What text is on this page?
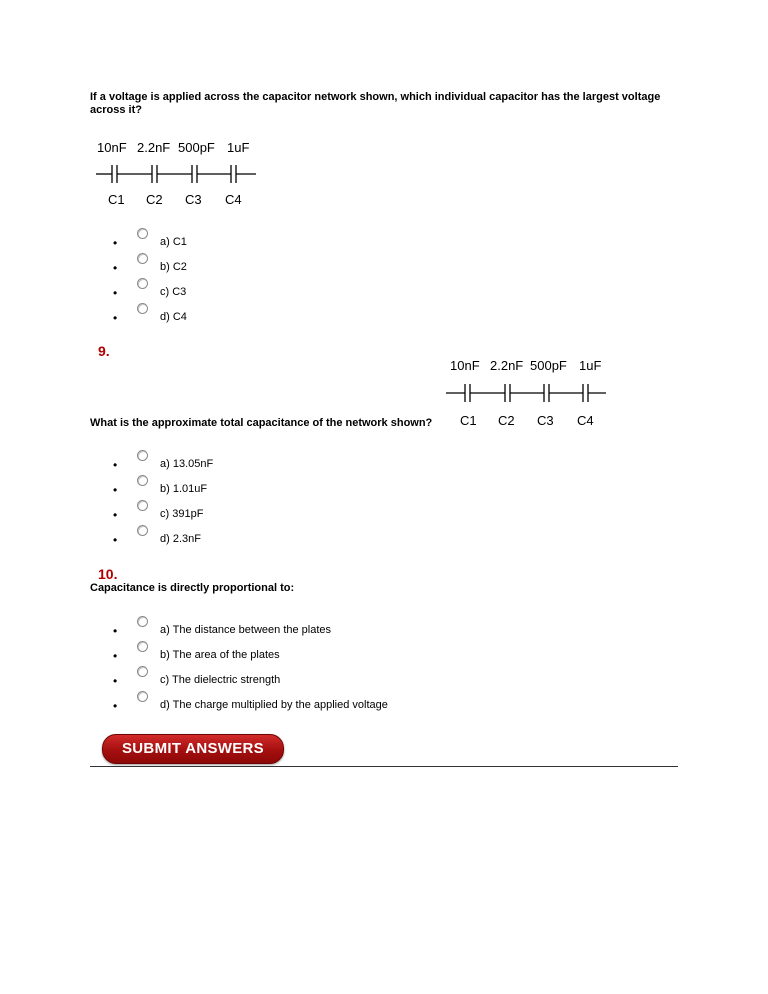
If a voltage is applied across the capacitor network shown, which individual capacitor has the largest voltage across it?
10nF 2.2nF 500pF 1uF
C1 C2 C3 C4
•	a) C1
•	b) C2
•	c) C3
•	d) C4
9.
10nF 2.2nF 500pF 1uF
C1 C2 C3 C4
What is the approximate total capacitance of the network shown?
•	a) 13.05nF
•	b) 1.01uF
•	c) 391pF
•	d) 2.3nF
10.
Capacitance is directly proportional to:
•	a) The distance between the plates
•	b) The area of the plates
•	c) The dielectric strength
•	d) The charge multiplied by the applied voltage
SUBMIT ANSWERS
